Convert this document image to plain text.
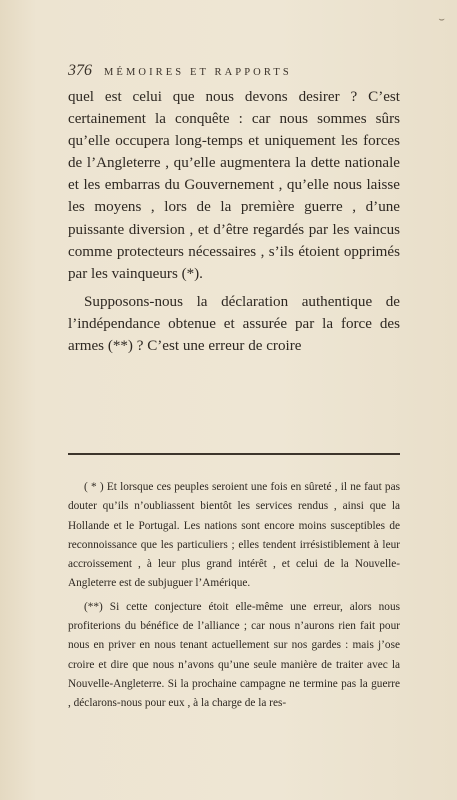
⌣
376 MÉMOIRES ET RAPPORTS

quel est celui que nous devons desirer ? C’est certainement la conquête : car nous sommes sûrs qu’elle occupera long-temps et uniquement les forces de l’Angleterre , qu’elle augmentera la dette nationale et les embarras du Gouvernement , qu’elle nous laisse les moyens , lors de la première guerre , d’une puissante diversion , et d’être regardés par les vaincus comme protecteurs nécessaires , s’ils étoient opprimés par les vainqueurs (*).

Supposons-nous la déclaration authentique de l’indépendance obtenue et assurée par la force des armes (**) ? C’est une erreur de croire

( * ) Et lorsque ces peuples seroient une fois en sûreté , il ne faut pas douter qu’ils n’oubliassent bientôt les services rendus , ainsi que la Hollande et le Portugal. Les nations sont encore moins susceptibles de reconnoissance que les particuliers ; elles tendent irrésistiblement à leur accroissement , à leur plus grand intérêt , et celui de la Nouvelle-Angleterre est de subjuguer l’Amérique.

(**) Si cette conjecture étoit elle-même une erreur, alors nous profiterions du bénéfice de l’alliance ; car nous n’aurons rien fait pour nous en priver en nous tenant actuellement sur nos gardes : mais j’ose croire et dire que nous n’avons qu’une seule manière de traiter avec la Nouvelle-Angleterre. Si la prochaine campagne ne termine pas la guerre , déclarons-nous pour eux , à la charge de la res-
